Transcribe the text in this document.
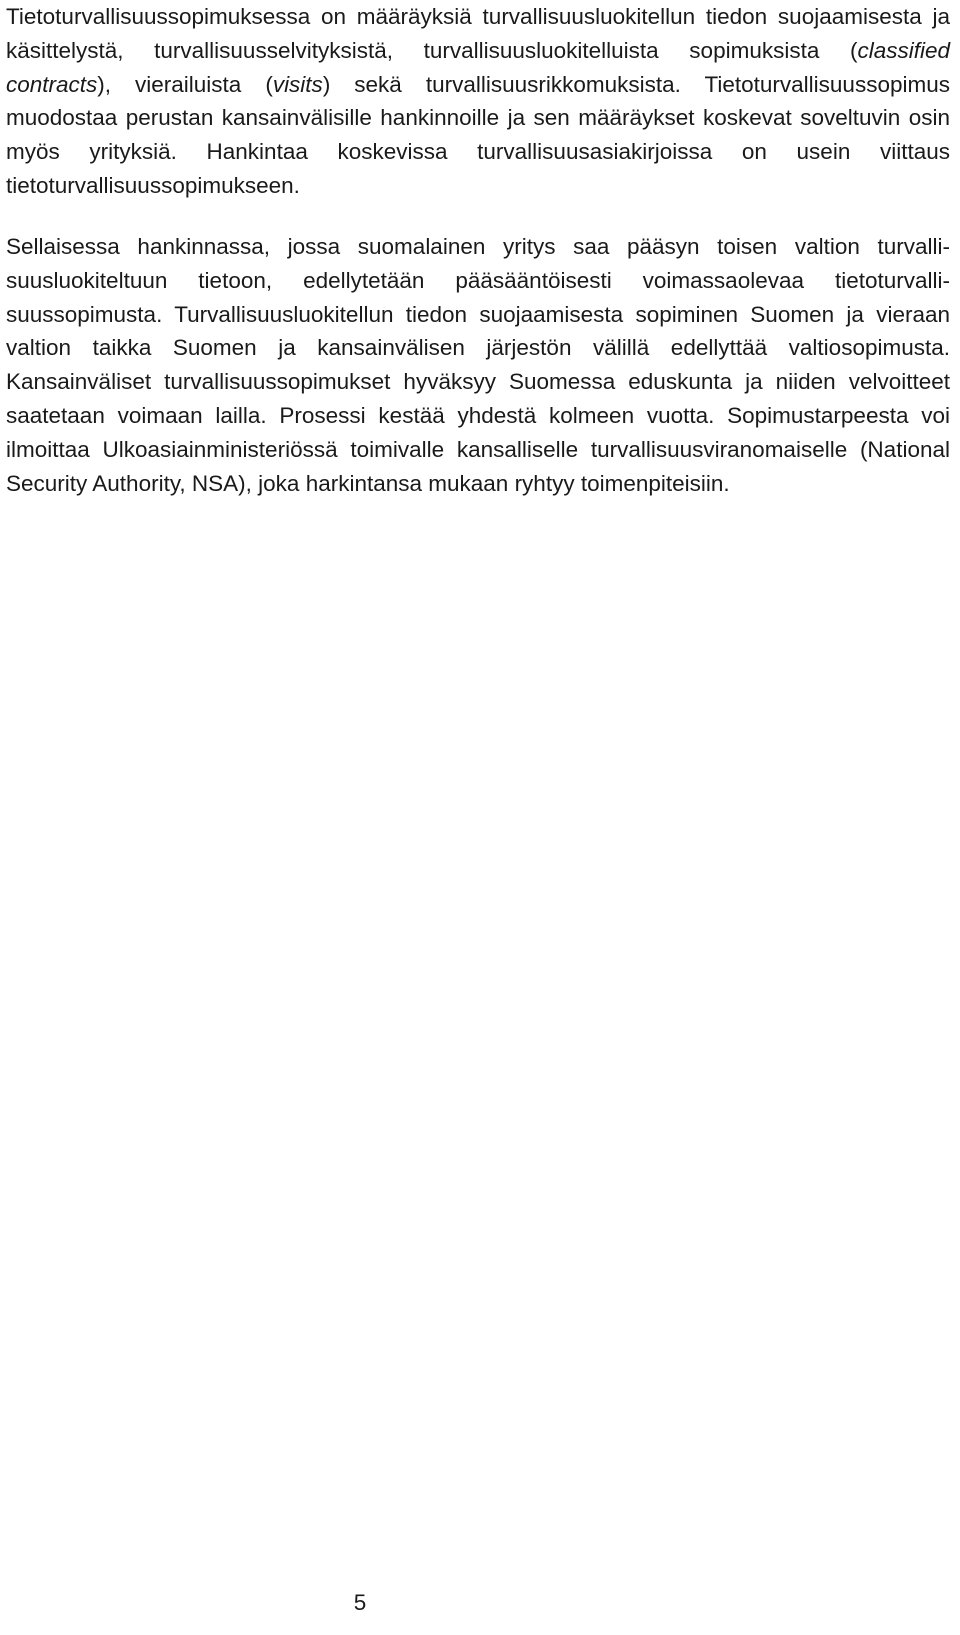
Tietoturvallisuussopimuksessa on määräyksiä turvallisuusluokitellun tiedon suojaamisesta ja käsittelystä, turvallisuusselvityksistä, turvallisuusluokitelluista sopimuksista (classified contracts), vierailuista (visits) sekä turvallisuusrikkomuksista. Tietoturvallisuussopimus muodostaa perustan kansainvälisille hankinnoille ja sen määräykset koskevat soveltuvin osin myös yrityksiä. Hankintaa koskevissa turvallisuusasiakirjoissa on usein viittaus tietoturvallisuussopimukseen.

Sellaisessa hankinnassa, jossa suomalainen yritys saa pääsyn toisen valtion turvallisuusluokiteltuun tietoon, edellytetään pääsääntöisesti voimassaolevaa tietoturvallisuussopimusta. Turvallisuusluokitellun tiedon suojaamisesta sopiminen Suomen ja vieraan valtion taikka Suomen ja kansainvälisen järjestön välillä edellyttää valtiosopimusta. Kansainväliset turvallisuussopimukset hyväksyy Suomessa eduskunta ja niiden velvoitteet saatetaan voimaan lailla. Prosessi kestää yhdestä kolmeen vuotta. Sopimustarpeesta voi ilmoittaa Ulkoasiainministeriössä toimivalle kansalliselle turvallisuusviranomaiselle (National Security Authority, NSA), joka harkintansa mukaan ryhtyy toimenpiteisiin.

5
